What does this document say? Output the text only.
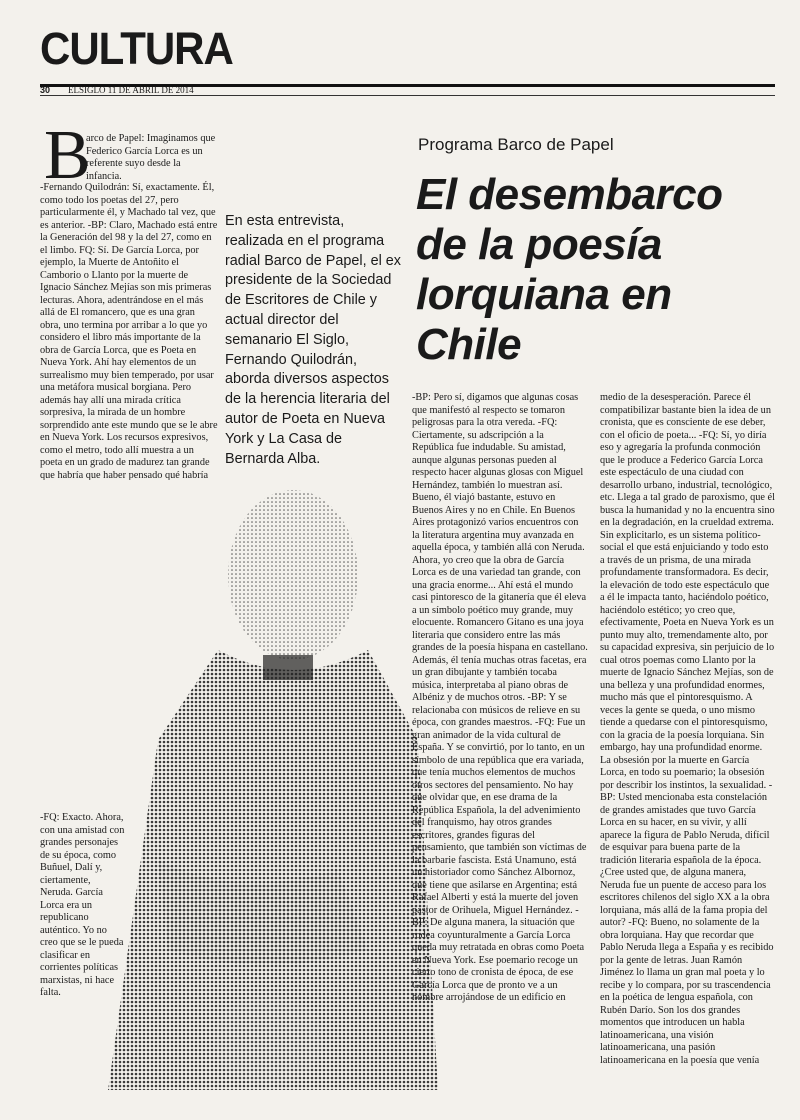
CULTURA
30 ELSIGLO 11 DE ABRIL DE 2014
B

arco de Papel: Imaginamos que Federico García Lorca es un referente suyo desde la infancia.

-Fernando Quilodrán: Sí, exactamente. Él, como todo los poetas del 27, pero particularmente él, y Machado tal vez, que es anterior. -BP: Claro, Machado está entre la Generación del 98 y la del 27, como en el limbo. FQ: Sí. De García Lorca, por ejemplo, la Muerte de Antoñito el Camborio o Llanto por la muerte de Ignacio Sánchez Mejías son mis primeras lecturas. Ahora, adentrándose en el más allá de El romancero, que es una gran obra, uno termina por arribar a lo que yo considero el libro más importante de la obra de García Lorca, que es Poeta en Nueva York. Ahí hay elementos de un surrealismo muy bien temperado, por usar una metáfora musical borgiana. Pero además hay allí una mirada crítica sorpresiva, la mirada de un hombre sorprendido ante este mundo que se le abre en Nueva York. Los recursos expresivos, como el metro, todo allí muestra a un poeta en un grado de madurez tan grande que habría que haber pensado qué habría

-FQ: Exacto. Ahora, con una amistad con grandes personajes de su época, como Buñuel, Dalí y, ciertamente, Neruda. García Lorca era un republicano auténtico. Yo no creo que se le pueda clasificar en corrientes políticas marxistas, ni hace falta.

En esta entrevista, realizada en el programa radial Barco de Papel, el ex presidente de la Sociedad de Escritores de Chile y actual director del semanario El Siglo, Fernando Quilodrán, aborda diversos aspectos de la herencia literaria del autor de Poeta en Nueva York y La Casa de Bernarda Alba.
Programa Barco de Papel
El desembarco de la poesía lorquiana en Chile

-BP: Pero sí, digamos que algunas cosas que manifestó al respecto se tomaron peligrosas para la otra vereda. -FQ: Ciertamente, su adscripción a la República fue indudable. Su amistad, aunque algunas personas pueden al respecto hacer algunas glosas con Miguel Hernández, también lo muestran así. Bueno, él viajó bastante, estuvo en Buenos Aires y no en Chile. En Buenos Aires protagonizó varios encuentros con la literatura argentina muy avanzada en aquella época, y también allá con Neruda. Ahora, yo creo que la obra de García Lorca es de una variedad tan grande, con una gracia enorme... Ahí está el mundo casi pintoresco de la gitanería que él eleva a un símbolo poético muy grande, muy elocuente. Romancero Gitano es una joya literaria que considero entre las más grandes de la poesía hispana en castellano. Además, él tenía muchas otras facetas, era un gran dibujante y también tocaba música, interpretaba al piano obras de Albéniz y de muchos otros. -BP: Y se relacionaba con músicos de relieve en su época, con grandes maestros. -FQ: Fue un gran animador de la vida cultural de España. Y se convirtió, por lo tanto, en un símbolo de una república que era variada, que tenía muchos elementos de muchos otros sectores del pensamiento. No hay que olvidar que, en ese drama de la República Española, la del advenimiento del franquismo, hay otros grandes escritores, grandes figuras del pensamiento, que también son víctimas de la barbarie fascista. Está Unamuno, está un historiador como Sánchez Albornoz, que tiene que asilarse en Argentina; está Rafael Alberti y está la muerte del joven pastor de Orihuela, Miguel Hernández. -BP: De alguna manera, la situación que rodea coyunturalmente a García Lorca queda muy retratada en obras como Poeta en Nueva York. Ese poemario recoge un cierto tono de cronista de época, de ese García Lorca que de pronto ve a un hombre arrojándose de un edificio en

medio de la desesperación. Parece él compatibilizar bastante bien la idea de un cronista, que es consciente de ese deber, con el oficio de poeta... -FQ: Sí, yo diría eso y agregaría la profunda conmoción que le produce a Federico García Lorca este espectáculo de una ciudad con desarrollo urbano, industrial, tecnológico, etc. Llega a tal grado de paroxismo, que él busca la humanidad y no la encuentra sino en la degradación, en la crueldad extrema. Sin explicitarlo, es un sistema político-social el que está enjuiciando y todo esto a través de un prisma, de una mirada profundamente transformadora. Es decir, la elevación de todo este espectáculo que a él le impacta tanto, haciéndolo poético, haciéndolo estético; yo creo que, efectivamente, Poeta en Nueva York es un punto muy alto, tremendamente alto, por su capacidad expresiva, sin perjuicio de lo cual otros poemas como Llanto por la muerte de Ignacio Sánchez Mejías, son de una belleza y una profundidad enormes, mucho más que el pintoresquismo. A veces la gente se queda, o uno mismo tiende a quedarse con el pintoresquismo, con la gracia de la poesía lorquiana. Sin embargo, hay una profundidad enorme. La obsesión por la muerte en García Lorca, en todo su poemario; la obsesión por describir los instintos, la sexualidad. -BP: Usted mencionaba esta constelación de grandes amistades que tuvo García Lorca en su hacer, en su vivir, y allí aparece la figura de Pablo Neruda, difícil de esquivar para buena parte de la tradición literaria española de la época. ¿Cree usted que, de alguna manera, Neruda fue un puente de acceso para los escritores chilenos del siglo XX a la obra lorquiana, más allá de la fama propia del autor? -FQ: Bueno, no solamente de la obra lorquiana. Hay que recordar que Pablo Neruda llega a España y es recibido por la gente de letras. Juan Ramón Jiménez lo llama un gran mal poeta y lo recibe y lo compara, por su trascendencia en la poética de lengua española, con Rubén Darío. Son los dos grandes momentos que introducen un habla latinoamericana, una visión latinoamericana, una pasión latinoamericana en la poesía que venía
